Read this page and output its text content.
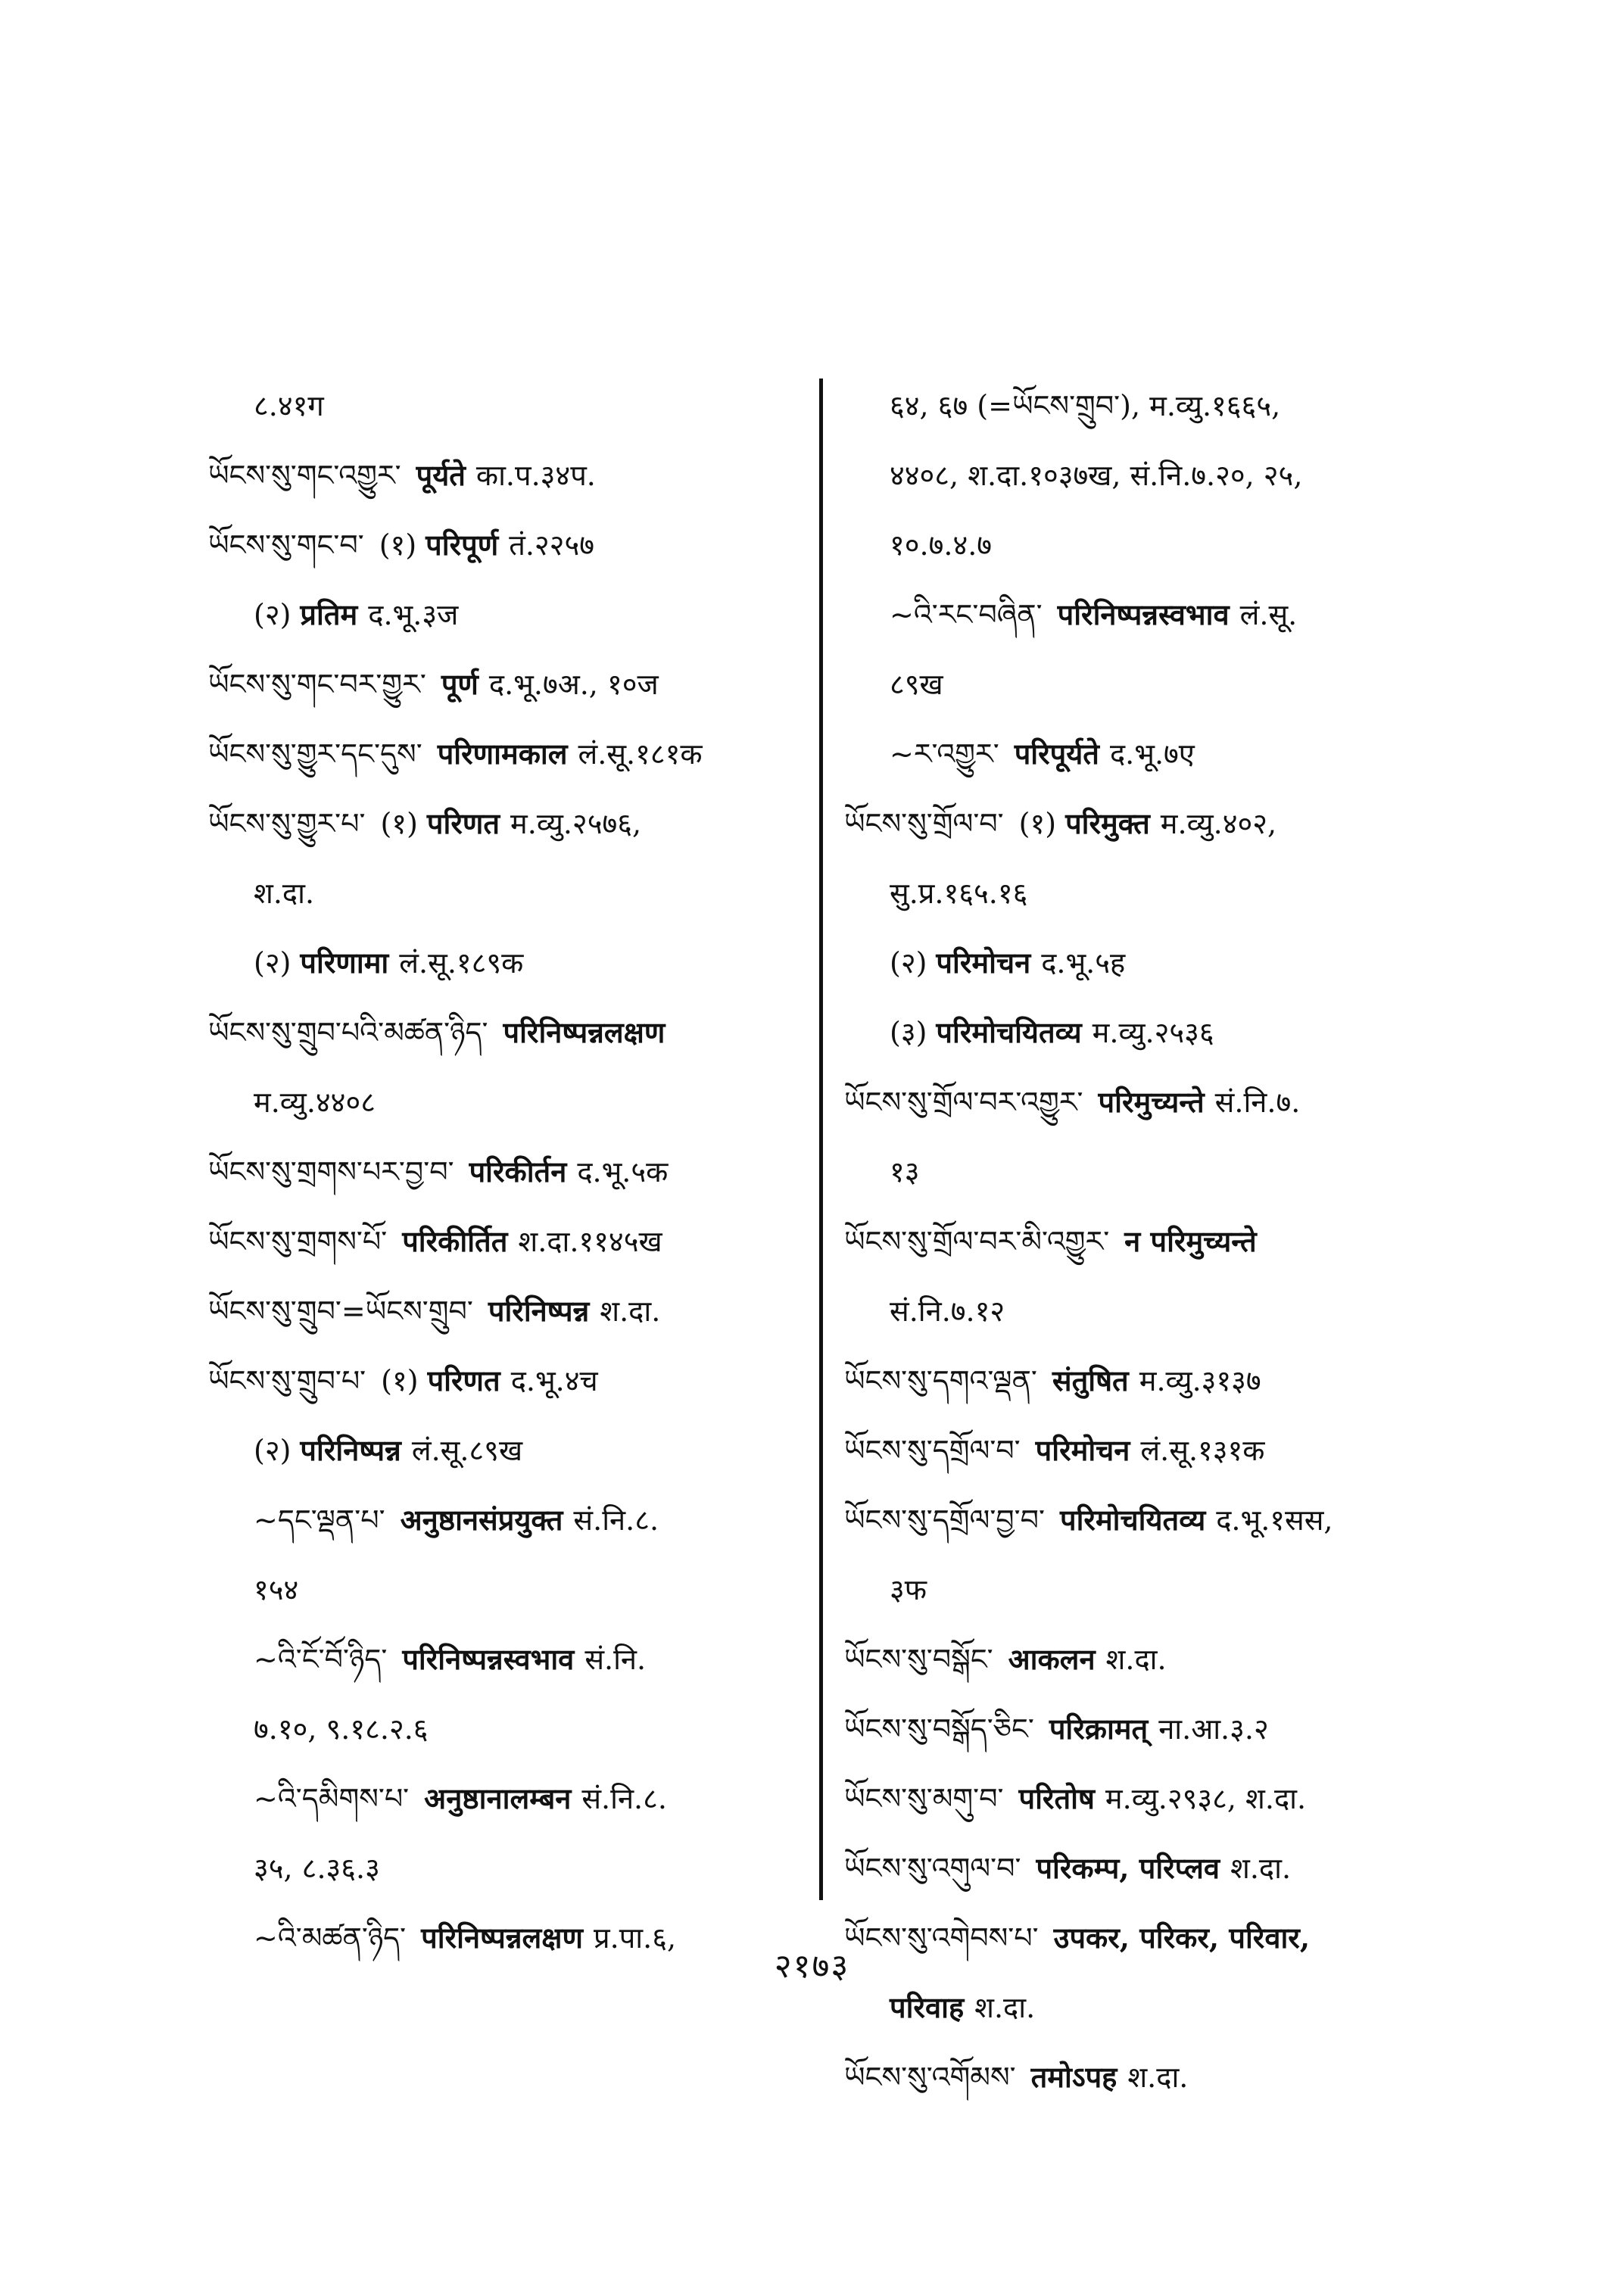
८.४१ग
ཡོངས་སུ་གང་འགྱུར་ पूर्यते का.प.३४प.
ཡོངས་སུ་གང་བ་ (१) परिपूर्ण तं.२२५७
(२) प्रतिम द.भू.३ज
ཡོངས་སུ་གང་བར་གྱུར་ पूर्ण द.भू.७अ., १०ज
ཡོངས་སུ་གྱུར་དང་དུས་ परिणामकाल लं.सू.१८१क
ཡོངས་སུ་གྱུར་པ་ (१) परिणत म.व्यु.२५७६,
श.दा.
(२) परिणामा लं.सू.१८९क
ཡོངས་སུ་གྲུབ་པའི་མཚན་ཉིད་ परिनिष्पन्नलक्षण
म.व्यु.४४०८
ཡོངས་སུ་གྲགས་པར་བྱ་བ་ परिकीर्तन द.भू.५क
ཡོངས་སུ་གྲགས་པོ་ परिकीर्तित श.दा.११४५ख
ཡོངས་སུ་གྲུབ་=ཡོངས་གྲུབ་ परिनिष्पन्न श.दा.
ཡོངས་སུ་གྲུབ་པ་ (१) परिणत द.भू.४च
(२) परिनिष्पन्न लं.सू.८९ख
~དང་ལྡན་པ་ अनुष्ठानसंप्रयुक्त सं.नि.८.
१५४
~འི་ངོ་བོ་ཉིད་ परिनिष्पन्नस्वभाव सं.नि.
७.१०, ९.१८.२.६
~འི་དམིགས་པ་ अनुष्ठानालम्बन सं.नि.८.
३५, ८.३६.३
~འི་མཚན་ཉིད་ परिनिष्पन्नलक्षण प्र.पा.६,
६४, ६७ (=ཡོངས་གྲུབ་), म.व्यु.१६६५,
४४०८, श.दा.१०३७ख, सं.नि.७.२०, २५,
१०.७.४.७
~འི་རང་བཞིན་ परिनिष्पन्नस्वभाव लं.सू.
८९ख
~ར་འགྱུར་ परिपूर्यते द.भू.७ए
ཡོངས་སུ་གྲོལ་བ་ (१) परिमुक्त म.व्यु.४०२,
सु.प्र.१६५.१६
(२) परिमोचन द.भू.५ह
(३) परिमोचयितव्य म.व्यु.२५३६
ཡོངས་སུ་གྲོལ་བར་འགྱུར་ परिमुच्यन्ते सं.नि.७.
१३
ཡོངས་སུ་གྲོལ་བར་མི་འགྱུར་ न परिमुच्यन्ते
सं.नि.७.१२
ཡོངས་སུ་དགའ་ལྡན་ संतुषित म.व्यु.३१३७
ཡོངས་སུ་དགྲོལ་བ་ परिमोचन लं.सू.१३१क
ཡོངས་སུ་དགྲོལ་བྱ་བ་ परिमोचयितव्य द.भू.१सस,
३फ
ཡོངས་སུ་བསྒོང་ आकलन श.दा.
ཡོངས་སུ་བསྒོད་ཅིང་ परिक्रामत् ना.आ.३.२
ཡོངས་སུ་མགུ་བ་ परितोष म.व्यु.२९३८, श.दा.
ཡོངས་སུ་འགུལ་བ་ परिकम्प, परिप्लव श.दा.
ཡོངས་སུ་འགེབས་པ་ उपकर, परिकर, परिवार,
परिवाह श.दा.
ཡོངས་སུ་འགོམས་ तमोऽपह श.दा.
२१७३
